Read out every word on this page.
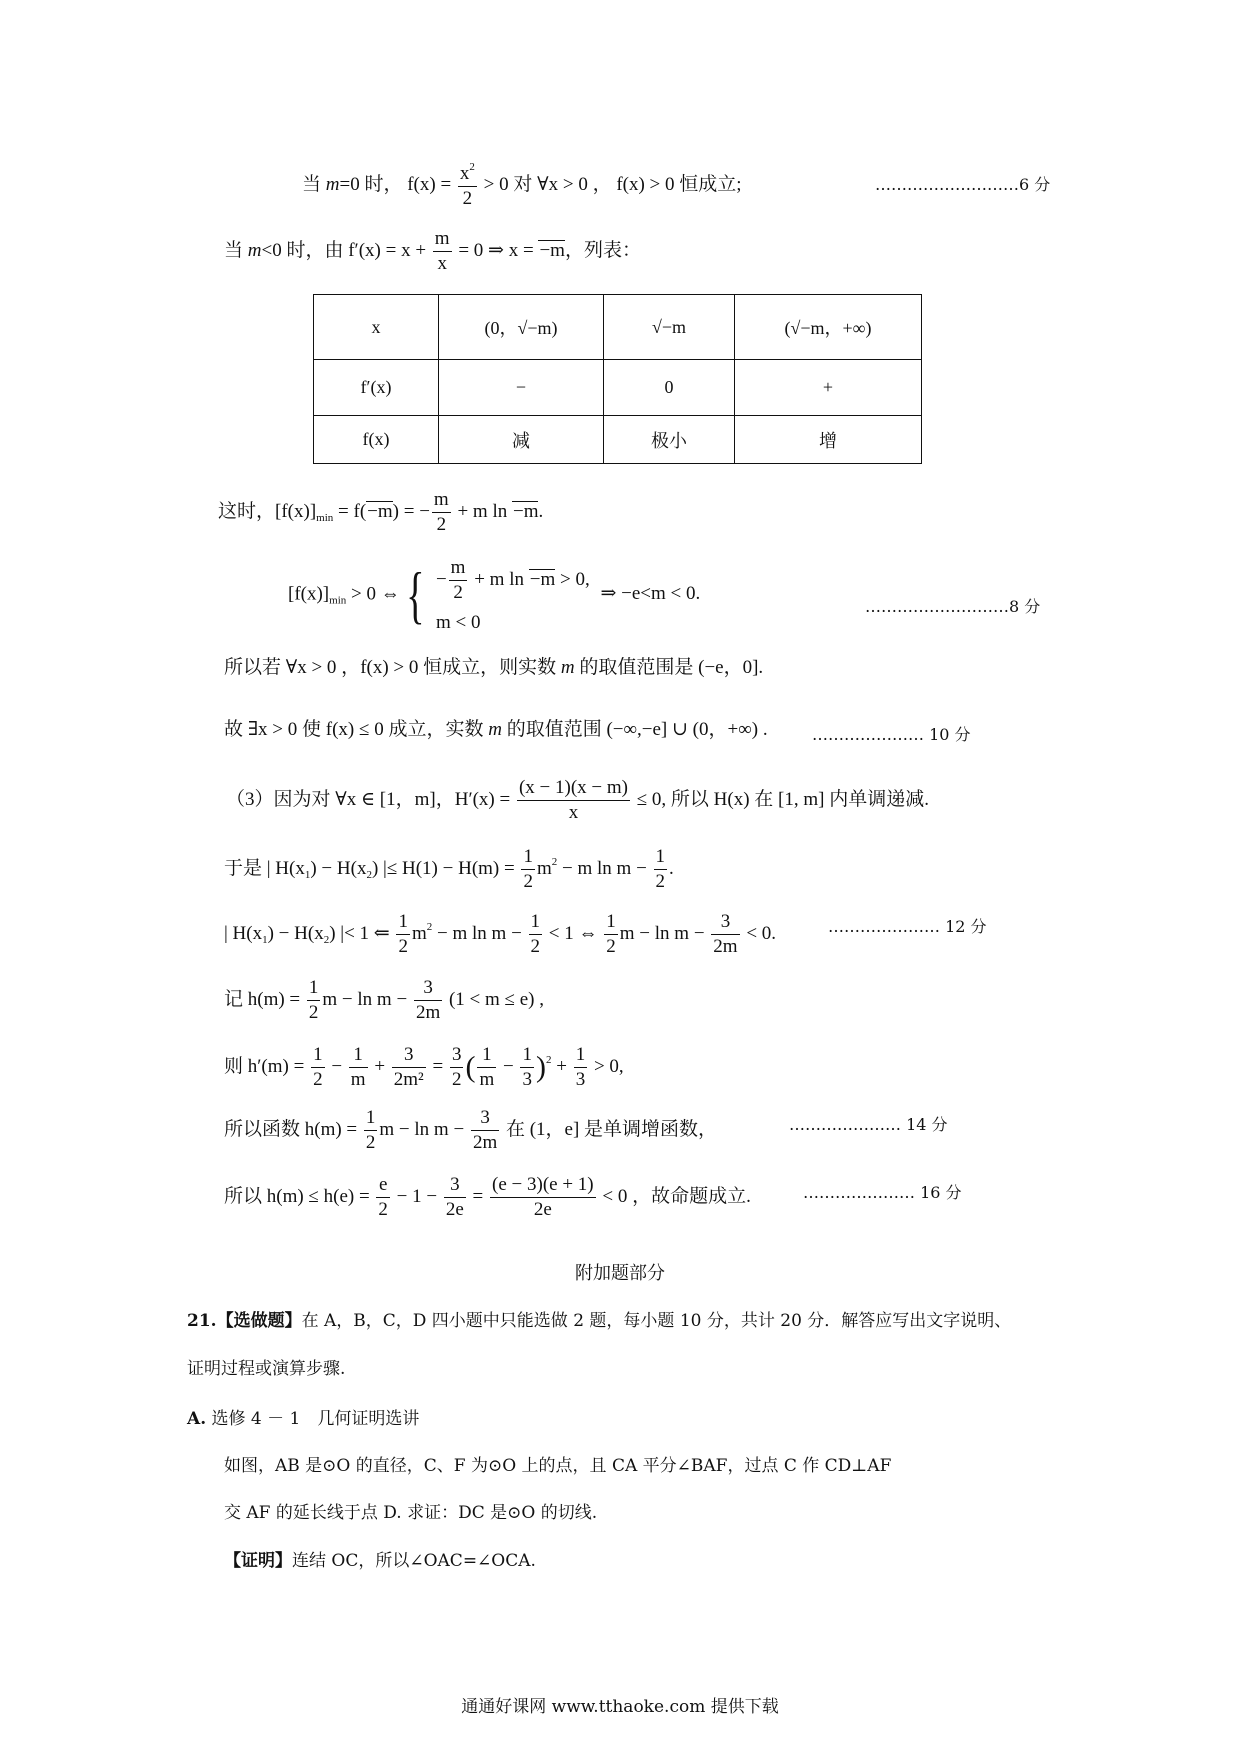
当 m=0 时， $f(x) = \frac{x^2}{2} > 0$ 对 ∀x > 0 ， f(x) > 0 恒成立;	………………………6 分
当 m<0 时，由 $f'(x) = x + \frac{m}{x} = 0$ ⇒ x = −m，列表：
x	(0，√−m)	√−m	(√−m，+∞)
f′(x)	−	0	+
f(x)	减	极小	增
这时，$[f(x)]_{min} = f(-m)$ = − $\frac{m}{2} + m$ ln −m.
$[f(x)]_{min} > 0$ ⇔ { − $\frac{m}{2} + m$ ln −m > 0,
m < 0
⇒ −e<m < 0.
………………………8 分
所以若 ∀x > 0 ，f(x) > 0 恒成立，则实数 m 的取值范围是 (−e，0].
故 ∃x > 0 使 f(x) ≤ 0 成立，实数 m 的取值范围 (−∞,−e] ∪ (0，+∞) .	………………… 10 分
（3）因为对 ∀x ∈ [1，m]，$H'(x) = \frac{(x - 1)(x - m)}{x} \le 0$, 所以 H(x) 在 [1, m] 内单调递减.
于是 | $H(x_1) - H(x_2)$ |≤ $H(1) - H(m) = \frac{1}{2} m^2 - m$ $\ln m - \frac{1}{2}$ .
| $H(x_1) - H(x_2)$ |< 1 ⇐ $\frac{1}{2} m^2 - m$ $\ln m - \frac{1}{2} < 1$ ⇔ $\frac{1}{2}$ $m - \ln m - \frac{3}{2m} < 0$.	………………… 12 分
记 $h(m) = \frac{1}{2}$ $m - \ln m - \frac{3}{2m} (1 < m \le e)$ ,
则 $h'(m) = \frac{1}{2} - \frac{1}{m} + \frac{3}{\text{2m²}} = \frac{3}{2}$ ( $\frac{1}{m} - \frac{1}{3} )^2 + \frac{1}{3} > 0$,
所以函数 $h(m) = \frac{1}{2}$ $m - \ln m - \frac{3}{2m}$ 在 (1，e] 是单调增函数，	………………… 14 分
所以 $h(m) \le h(e) = \frac{e}{2} - 1 - \frac{3}{2e} = \frac{(e - 3)(e + 1)}{2e} < 0$ ，故命题成立.	………………… 16 分
附加题部分
21.【选做题】在 A，B，C，D 四小题中只能选做 2 题，每小题 10 分，共计 20 分．解答应写出文字说明、
证明过程或演算步骤.
A. 选修 4 － 1　几何证明选讲
如图，AB 是⊙O 的直径，C、F 为⊙O 上的点，且 CA 平分∠BAF，过点 C 作 CD⊥AF
交 AF 的延长线于点 D. 求证：DC 是⊙O 的切线.
【证明】连结 OC，所以∠OAC=∠OCA.
通通好课网 www.tthaoke.com 提供下载
